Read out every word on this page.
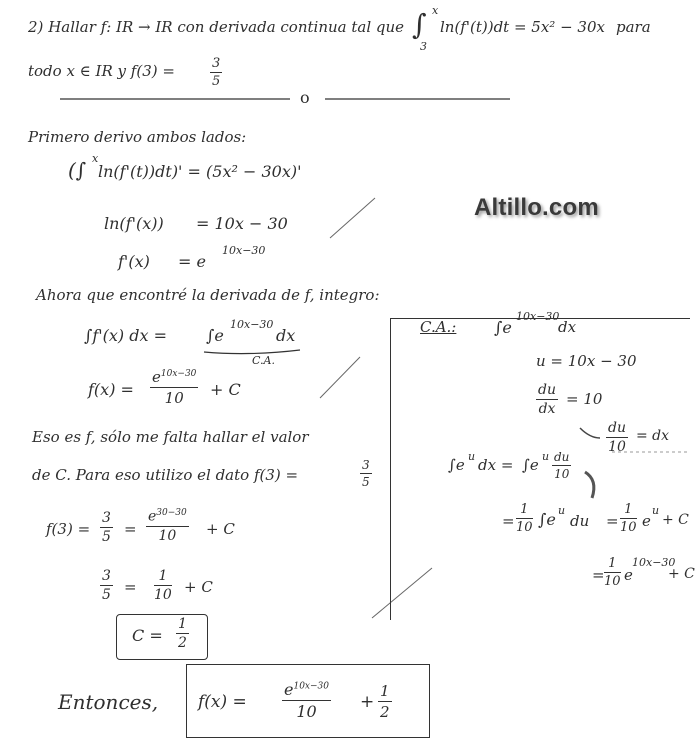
2) Hallar f: IR → IR con derivada continua tal que ∫ x
3
ln(f'(t))dt = 5x² − 30x para
todo x ∈ IR y f(3) =	$\frac{3}{5}$
o
Primero derivo ambos lados:
(∫ x
ln(f'(t))dt)' = (5x² − 30x)'
ln(f'(x)) = 10x − 30
f'(x) = e
10x−30
Altillo.com
Ahora que encontré la derivada de f, integro:
∫f'(x) dx = ∫e
10x−30
dx
C.A.
$f(x) = \frac{e^{10x-30}}{10} + C$
C.A.: ∫e
10x−30
dx
u = 10x − 30
$\frac{du}{dx} = 10$
$\frac{du}{10}$ = dx
∫e u dx = ∫e u $\frac{du}{10}$
= $\frac{1}{10} \int e$ u
du = $\frac{1}{10}$ e
u
+ C
= $\frac{1}{10}$ e
10x−30
+ C
Eso es f, sólo me falta hallar el valor
de C. Para eso utilizo el dato f(3) =	$\frac{3}{5}$
$f(3) = \frac{3}{5} = \frac{e^{30-30}}{10} + C$
$\frac{3}{5} = \frac{1}{10} + C$
$C = \frac{1}{2}$
Entonces, $f(x) = \frac{e^{10x-30}}{10} + \frac{1}{2}$
